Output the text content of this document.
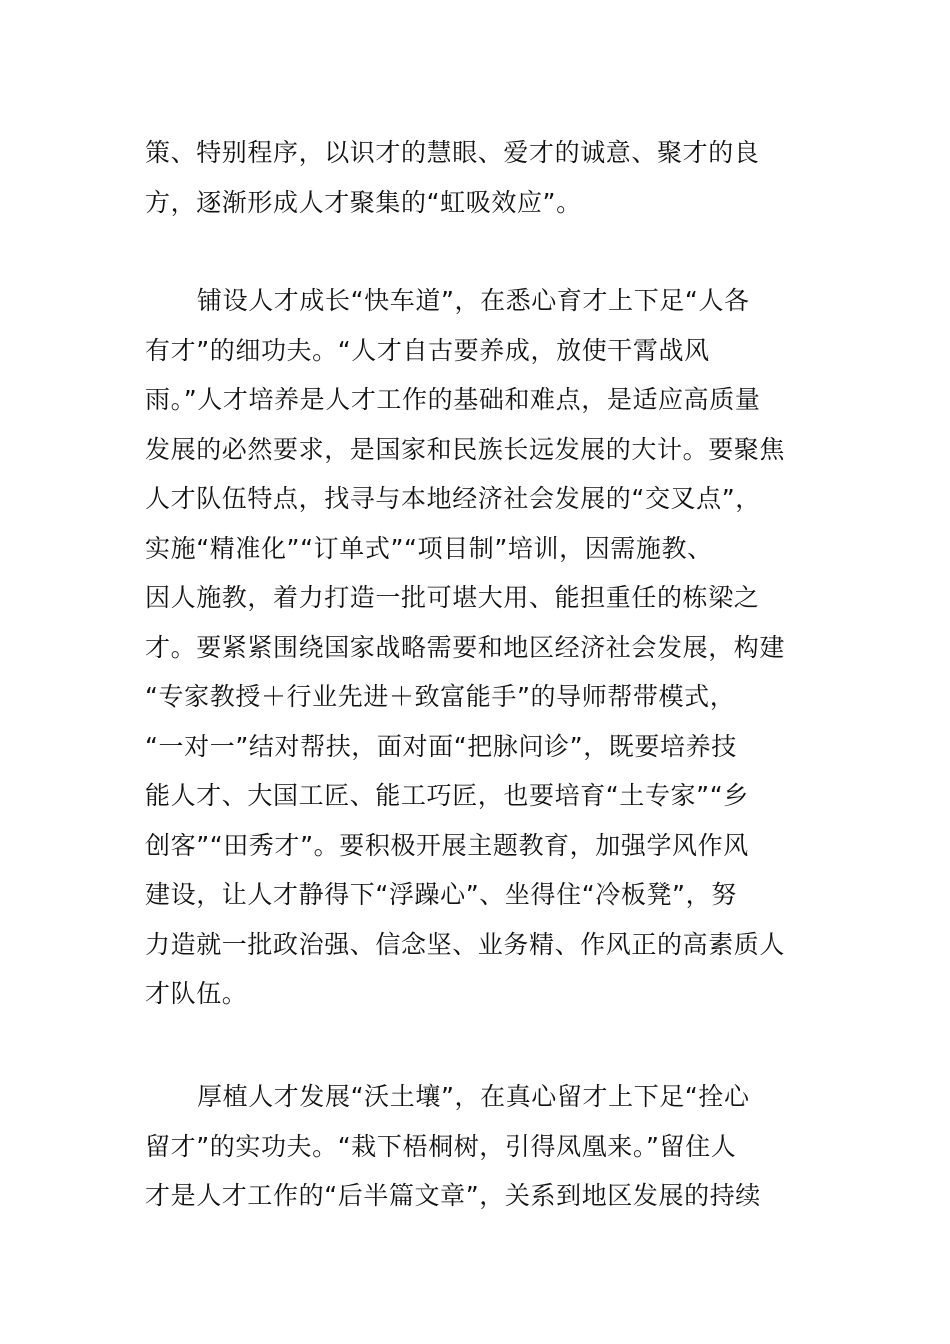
策、特别程序，以识才的慧眼、爱才的诚意、聚才的良
方，逐渐形成人才聚集的“虹吸效应”。

铺设人才成长“快车道”，在悉心育才上下足“人各
有才”的细功夫。“人才自古要养成，放使干霄战风
雨。”人才培养是人才工作的基础和难点，是适应高质量
发展的必然要求，是国家和民族长远发展的大计。要聚焦
人才队伍特点，找寻与本地经济社会发展的“交叉点”，
实施“精准化”“订单式”“项目制”培训，因需施教、
因人施教，着力打造一批可堪大用、能担重任的栋梁之
才。要紧紧围绕国家战略需要和地区经济社会发展，构建
“专家教授＋行业先进＋致富能手”的导师帮带模式，
“一对一”结对帮扶，面对面“把脉问诊”，既要培养技
能人才、大国工匠、能工巧匠，也要培育“土专家”“乡
创客”“田秀才”。要积极开展主题教育，加强学风作风
建设，让人才静得下“浮躁心”、坐得住“冷板凳”，努
力造就一批政治强、信念坚、业务精、作风正的高素质人
才队伍。

厚植人才发展“沃土壤”，在真心留才上下足“拴心
留才”的实功夫。“栽下梧桐树，引得凤凰来。”留住人
才是人才工作的“后半篇文章”，关系到地区发展的持续
